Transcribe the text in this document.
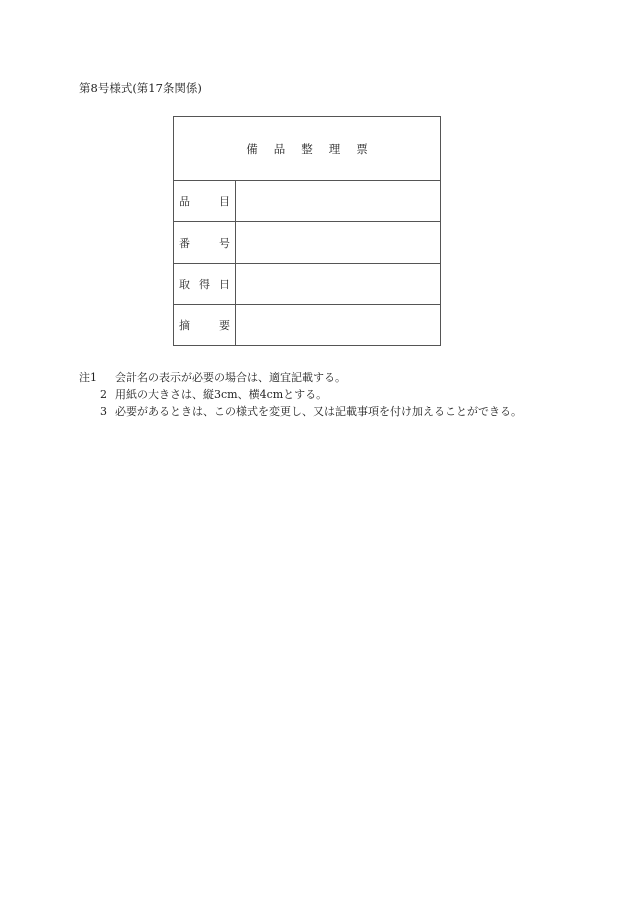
第8号様式(第17条関係)
備品整理票	

品目	

番号	

取得日	

摘要	

注1	会計名の表示が必要の場合は、適宜記載する。
2 用紙の大きさは、縦3cm、横4cmとする。
3 必要があるときは、この様式を変更し、又は記載事項を付け加えることができる。
